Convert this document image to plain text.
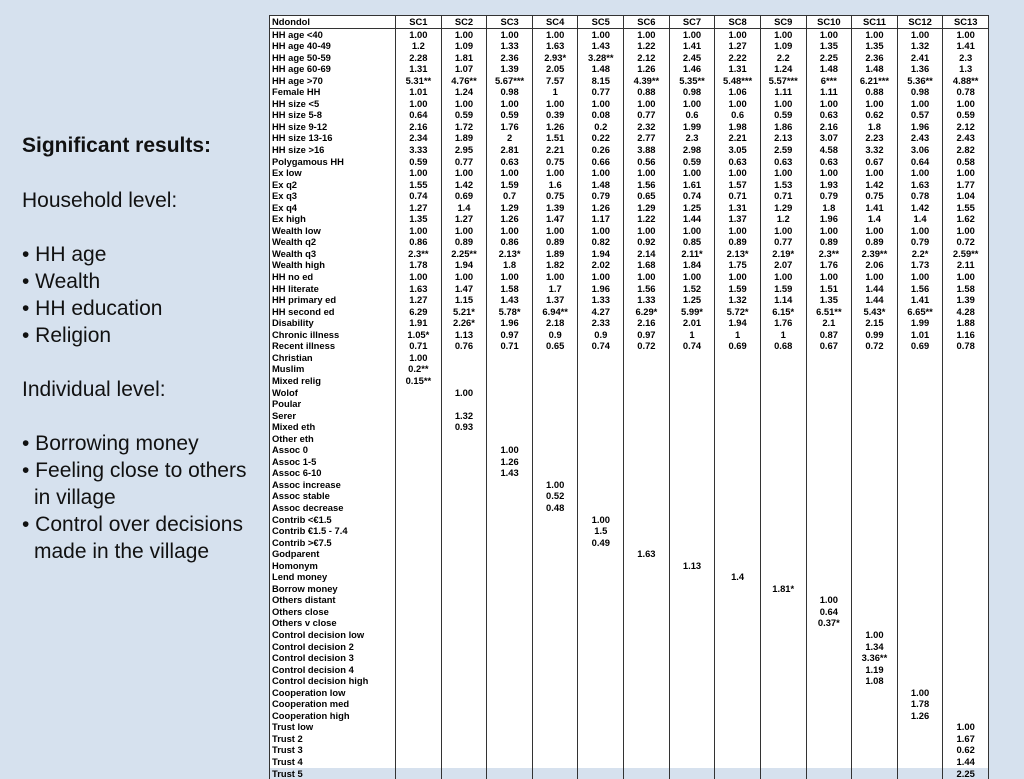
Significant results:
Household level:
• HH age
• Wealth
• HH education
• Religion
Individual level:
• Borrowing money
• Feeling close to others in village
• Control over decisions made in the village
Ndondol	SC1	SC2	SC3	SC4	SC5	SC6	SC7	SC8	SC9	SC10	SC11	SC12	SC13
HH age <40	1.00	1.00	1.00	1.00	1.00	1.00	1.00	1.00	1.00	1.00	1.00	1.00	1.00
HH age 40-49	1.2	1.09	1.33	1.63	1.43	1.22	1.41	1.27	1.09	1.35	1.35	1.32	1.41
HH age 50-59	2.28	1.81	2.36	2.93*	3.28**	2.12	2.45	2.22	2.2	2.25	2.36	2.41	2.3
HH age 60-69	1.31	1.07	1.39	2.05	1.48	1.26	1.46	1.31	1.24	1.48	1.48	1.36	1.3
HH age >70	5.31**	4.76**	5.67***	7.57	8.15	4.39**	5.35**	5.48***	5.57***	6***	6.21***	5.36**	4.88**
Female HH	1.01	1.24	0.98	1	0.77	0.88	0.98	1.06	1.11	1.11	0.88	0.98	0.78
HH size <5	1.00	1.00	1.00	1.00	1.00	1.00	1.00	1.00	1.00	1.00	1.00	1.00	1.00
HH size 5-8	0.64	0.59	0.59	0.39	0.08	0.77	0.6	0.6	0.59	0.63	0.62	0.57	0.59
HH size 9-12	2.16	1.72	1.76	1.26	0.2	2.32	1.99	1.98	1.86	2.16	1.8	1.96	2.12
HH size 13-16	2.34	1.89	2	1.51	0.22	2.77	2.3	2.21	2.13	3.07	2.23	2.43	2.43
HH size >16	3.33	2.95	2.81	2.21	0.26	3.88	2.98	3.05	2.59	4.58	3.32	3.06	2.82
Polygamous HH	0.59	0.77	0.63	0.75	0.66	0.56	0.59	0.63	0.63	0.63	0.67	0.64	0.58
Ex low	1.00	1.00	1.00	1.00	1.00	1.00	1.00	1.00	1.00	1.00	1.00	1.00	1.00
Ex q2	1.55	1.42	1.59	1.6	1.48	1.56	1.61	1.57	1.53	1.93	1.42	1.63	1.77
Ex q3	0.74	0.69	0.7	0.75	0.79	0.65	0.74	0.71	0.71	0.79	0.75	0.78	1.04
Ex q4	1.27	1.4	1.29	1.39	1.26	1.29	1.25	1.31	1.29	1.8	1.41	1.42	1.55
Ex high	1.35	1.27	1.26	1.47	1.17	1.22	1.44	1.37	1.2	1.96	1.4	1.4	1.62
Wealth low	1.00	1.00	1.00	1.00	1.00	1.00	1.00	1.00	1.00	1.00	1.00	1.00	1.00
Wealth q2	0.86	0.89	0.86	0.89	0.82	0.92	0.85	0.89	0.77	0.89	0.89	0.79	0.72
Wealth q3	2.3**	2.25**	2.13*	1.89	1.94	2.14	2.11*	2.13*	2.19*	2.3**	2.39**	2.2*	2.59**
Wealth high	1.78	1.94	1.8	1.82	2.02	1.68	1.84	1.75	2.07	1.76	2.06	1.73	2.11
HH no ed	1.00	1.00	1.00	1.00	1.00	1.00	1.00	1.00	1.00	1.00	1.00	1.00	1.00
HH literate	1.63	1.47	1.58	1.7	1.96	1.56	1.52	1.59	1.59	1.51	1.44	1.56	1.58
HH primary ed	1.27	1.15	1.43	1.37	1.33	1.33	1.25	1.32	1.14	1.35	1.44	1.41	1.39
HH second ed	6.29	5.21*	5.78*	6.94**	4.27	6.29*	5.99*	5.72*	6.15*	6.51**	5.43*	6.65**	4.28
Disability	1.91	2.26*	1.96	2.18	2.33	2.16	2.01	1.94	1.76	2.1	2.15	1.99	1.88
Chronic illness	1.05*	1.13	0.97	0.9	0.9	0.97	1	1	1	0.87	0.99	1.01	1.16
Recent illness	0.71	0.76	0.71	0.65	0.74	0.72	0.74	0.69	0.68	0.67	0.72	0.69	0.78
Christian	1.00												
Muslim	0.2**												
Mixed relig	0.15**												
Wolof		1.00											
Poular													
Serer		1.32											
Mixed eth		0.93											
Other eth													
Assoc 0			1.00										
Assoc 1-5			1.26										
Assoc 6-10			1.43										
Assoc increase				1.00									
Assoc stable				0.52									
Assoc decrease				0.48									
Contrib <€1.5					1.00								
Contrib €1.5 - 7.4					1.5								
Contrib >€7.5					0.49								
Godparent						1.63							
Homonym							1.13						
Lend money								1.4					
Borrow money									1.81*				
Others distant										1.00			
Others close										0.64			
Others v close										0.37*			
Control decision low											1.00		
Control decision 2											1.34		
Control decision 3											3.36**		
Control decision 4											1.19		
Control decision high											1.08		
Cooperation low												1.00	
Cooperation med												1.78	
Cooperation high												1.26	
Trust low													1.00
Trust 2													1.67
Trust 3													0.62
Trust 4													1.44
Trust 5													2.25
